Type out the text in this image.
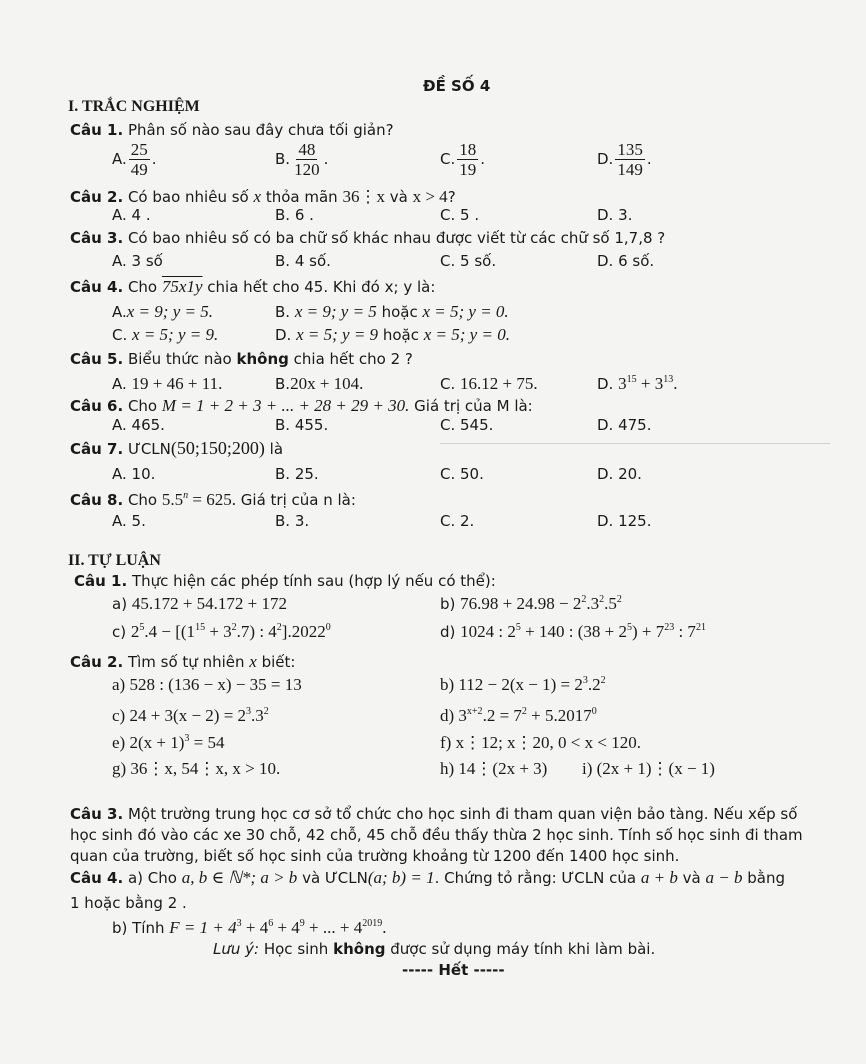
ĐỀ SỐ 4
I. TRẮC NGHIỆM
Câu 1. Phân số nào sau đây chưa tối giản?
A. $\frac{25}{49}$ .	B. $\frac{48}{120}$ .	C. $\frac{18}{19}$ .	D. $\frac{135}{149}$ .
Câu 2. Có bao nhiêu số x thỏa mãn 36⋮x và x > 4?
A. 4 .	B. 6 .	C. 5 .	D. 3.
Câu 3. Có bao nhiêu số có ba chữ số khác nhau được viết từ các chữ số 1,7,8 ?
A. 3 số	B. 4 số.	C. 5 số.	D. 6 số.
Câu 4. Cho 75x1y chia hết cho 45. Khi đó x; y là:
A.x = 9; y = 5.	B. x = 9; y = 5 hoặc x = 5; y = 0.
C. x = 5; y = 9.	D. x = 5; y = 9 hoặc x = 5; y = 0.
Câu 5. Biểu thức nào không chia hết cho 2 ?
A. 19 + 46 + 11.	B.20x + 104.	C. 16.12 + 75.	D. $3^{15} + 3^{13}$.
Câu 6. Cho M = 1 + 2 + 3 + ... + 28 + 29 + 30. Giá trị của M là:
A. 465.	B. 455.	C. 545.	D. 475.
Câu 7. ƯCLN(50;150;200) là
A. 10.	B. 25.	C. 50.	D. 20.
Câu 8. Cho $5.5^n = 625$. Giá trị của n là:
A. 5.	B. 3.	C. 2.	D. 125.
II. TỰ LUẬN
Câu 1. Thực hiện các phép tính sau (hợp lý nếu có thể):
a) 45.172 + 54.172 + 172	b) $76.98 + 24.98 - 2^2.3^2.5^2$
c) $2^5.4 - [(1^{15} + 3^2.7)$ : $4^2].2022^0$	d) 1024 : $2^5 + 140$ : $(38 + 2^5) + 7^{23}$ : $7^{21}$
Câu 2. Tìm số tự nhiên x biết:
a) 528 : (136 − x) − 35 = 13	b) $112 - 2(x - 1) = 2^3.2^2$
c) $24 + 3(x - 2) = 2^3.3^2$	d) $3^{x+2}.2 = 7^2 + 5.2017^0$
e) $2(x + 1)^3 = 54$	f) x⋮12; x⋮20, 0 < x < 120.
g) 36⋮x, 54⋮x, x > 10.	h) 14⋮(2x + 3) i) (2x + 1)⋮(x − 1)
Câu 3. Một trường trung học cơ sở tổ chức cho học sinh đi tham quan viện bảo tàng. Nếu xếp số
học sinh đó vào các xe 30 chỗ, 42 chỗ, 45 chỗ đều thấy thừa 2 học sinh. Tính số học sinh đi tham
quan của trường, biết số học sinh của trường khoảng từ 1200 đến 1400 học sinh.
Câu 4. a) Cho a, b ∈ ℕ*; a > b và ƯCLN(a; b) = 1. Chứng tỏ rằng: ƯCLN của a + b và a − b bằng
1 hoặc bằng 2 .
b) Tính $F = 1 + 4^3 + 4^6 + 4^9$ + ... + $4^{2019}$.
Lưu ý: Học sinh không được sử dụng máy tính khi làm bài.
----- Hết -----
